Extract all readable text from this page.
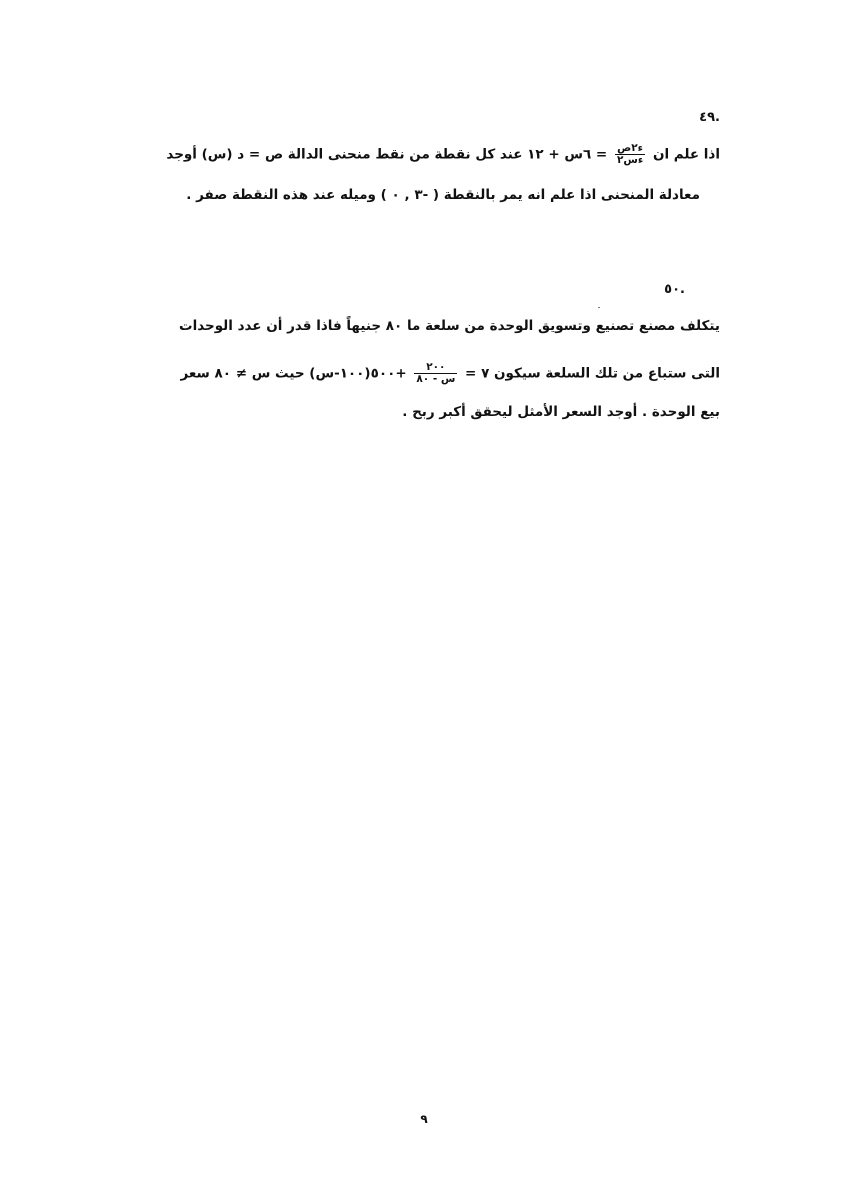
.٤٩
اذا علم ان
$\frac{\text{ء٢ص}}{\text{ءس٢}}$
= ٦س + ١٢ عند كل نقطة من نقط منحنى الدالة ص = د (س) أوجد
معادلة المنحنى اذا علم انه يمر بالنقطة ( -٣ , ٠ ) وميله عند هذه النقطة صفر .
.٥٠
يتكلف مصنع تصنيع وتسويق الوحدة من سلعة ما ٨٠ جنيهاً فاذا قدر أن عدد الوحدات
التى ستباع من تلك السلعة سيكون ٧ =
$\frac{٢٠٠}{\text{س - ٨٠}}$
+٥٠٠(١٠٠-س) حيث س ≠ ٨٠ سعر
بيع الوحدة . أوجد السعر الأمثل ليحقق أكبر ربح .
٩
